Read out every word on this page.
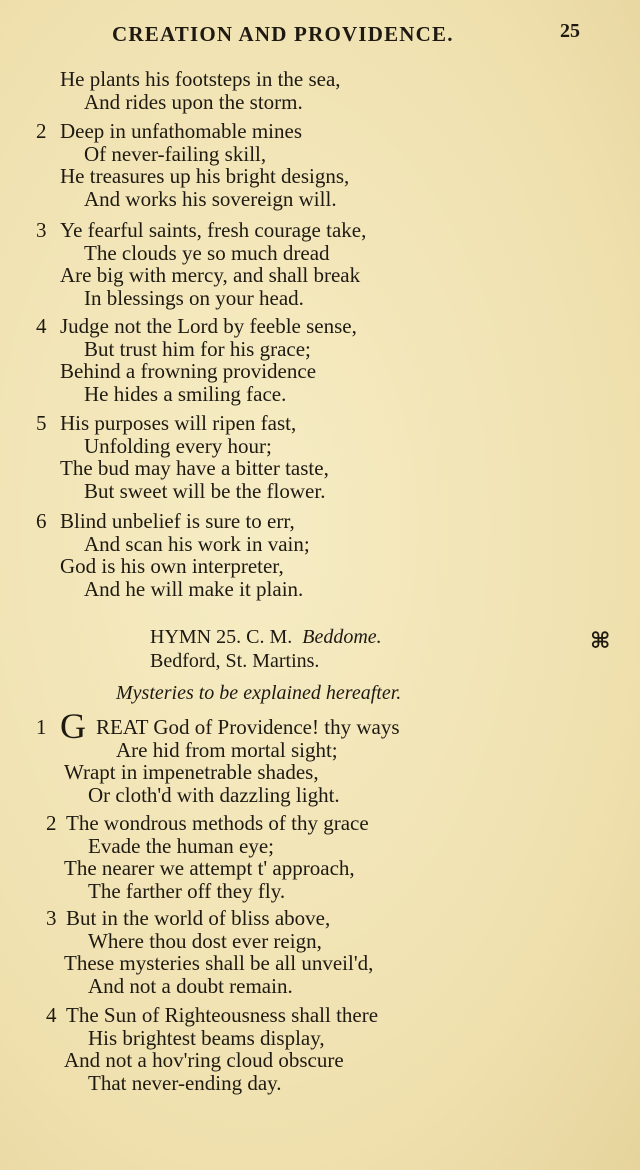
CREATION AND PROVIDENCE.	25
He plants his footsteps in the sea,
And rides upon the storm.
2 Deep in unfathomable mines
Of never-failing skill,
He treasures up his bright designs,
And works his sovereign will.
3 Ye fearful saints, fresh courage take,
The clouds ye so much dread
Are big with mercy, and shall break
In blessings on your head.
4 Judge not the Lord by feeble sense,
But trust him for his grace;
Behind a frowning providence
He hides a smiling face.
5 His purposes will ripen fast,
Unfolding every hour;
The bud may have a bitter taste,
But sweet will be the flower.
6 Blind unbelief is sure to err,
And scan his work in vain;
God is his own interpreter,
And he will make it plain.
HYMN 25. C. M. Beddome.	⌘
Bedford, St. Martins.
Mysteries to be explained hereafter.
1 G REAT God of Providence! thy ways
Are hid from mortal sight;
Wrapt in impenetrable shades,
Or cloth'd with dazzling light.
2 The wondrous methods of thy grace
Evade the human eye;
The nearer we attempt t' approach,
The farther off they fly.
3 But in the world of bliss above,
Where thou dost ever reign,
These mysteries shall be all unveil'd,
And not a doubt remain.
4 The Sun of Righteousness shall there
His brightest beams display,
And not a hov'ring cloud obscure
That never-ending day.
